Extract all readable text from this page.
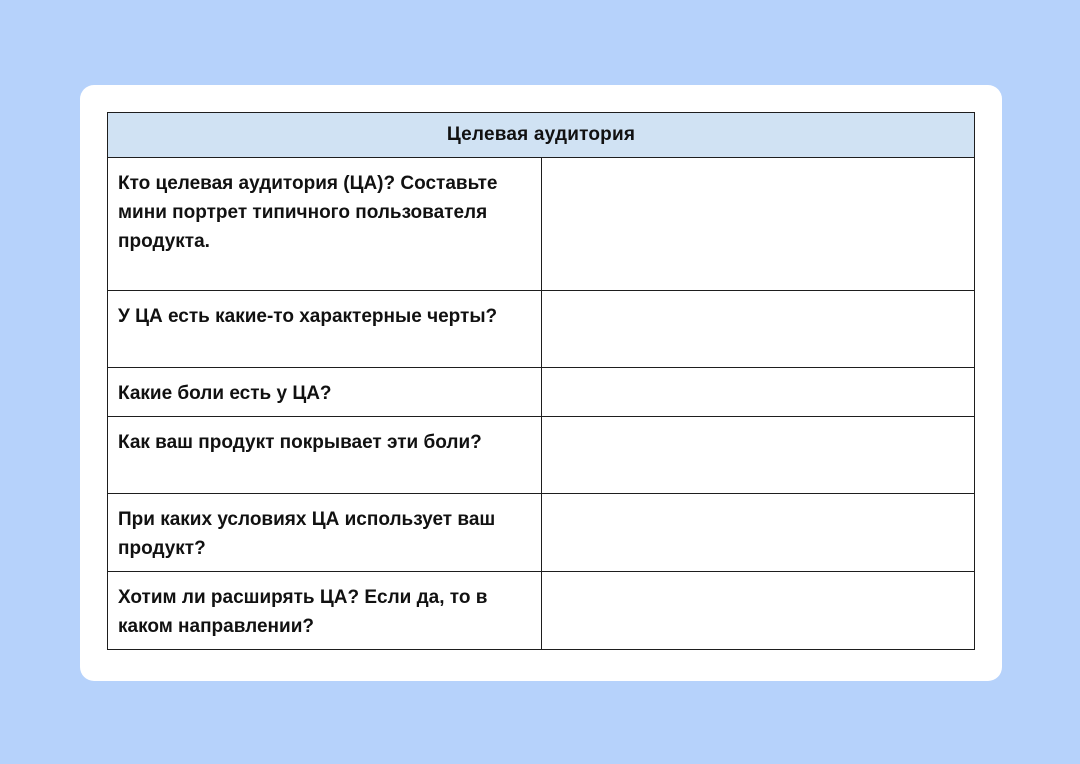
Целевая аудитория	
Кто целевая аудитория (ЦА)? Составьте мини портрет типичного пользователя продукта.	
У ЦА есть какие-то характерные черты?	
Какие боли есть у ЦА?	
Как ваш продукт покрывает эти боли?	
При каких условиях ЦА использует ваш продукт?	
Хотим ли расширять ЦА? Если да, то в каком направлении?	
